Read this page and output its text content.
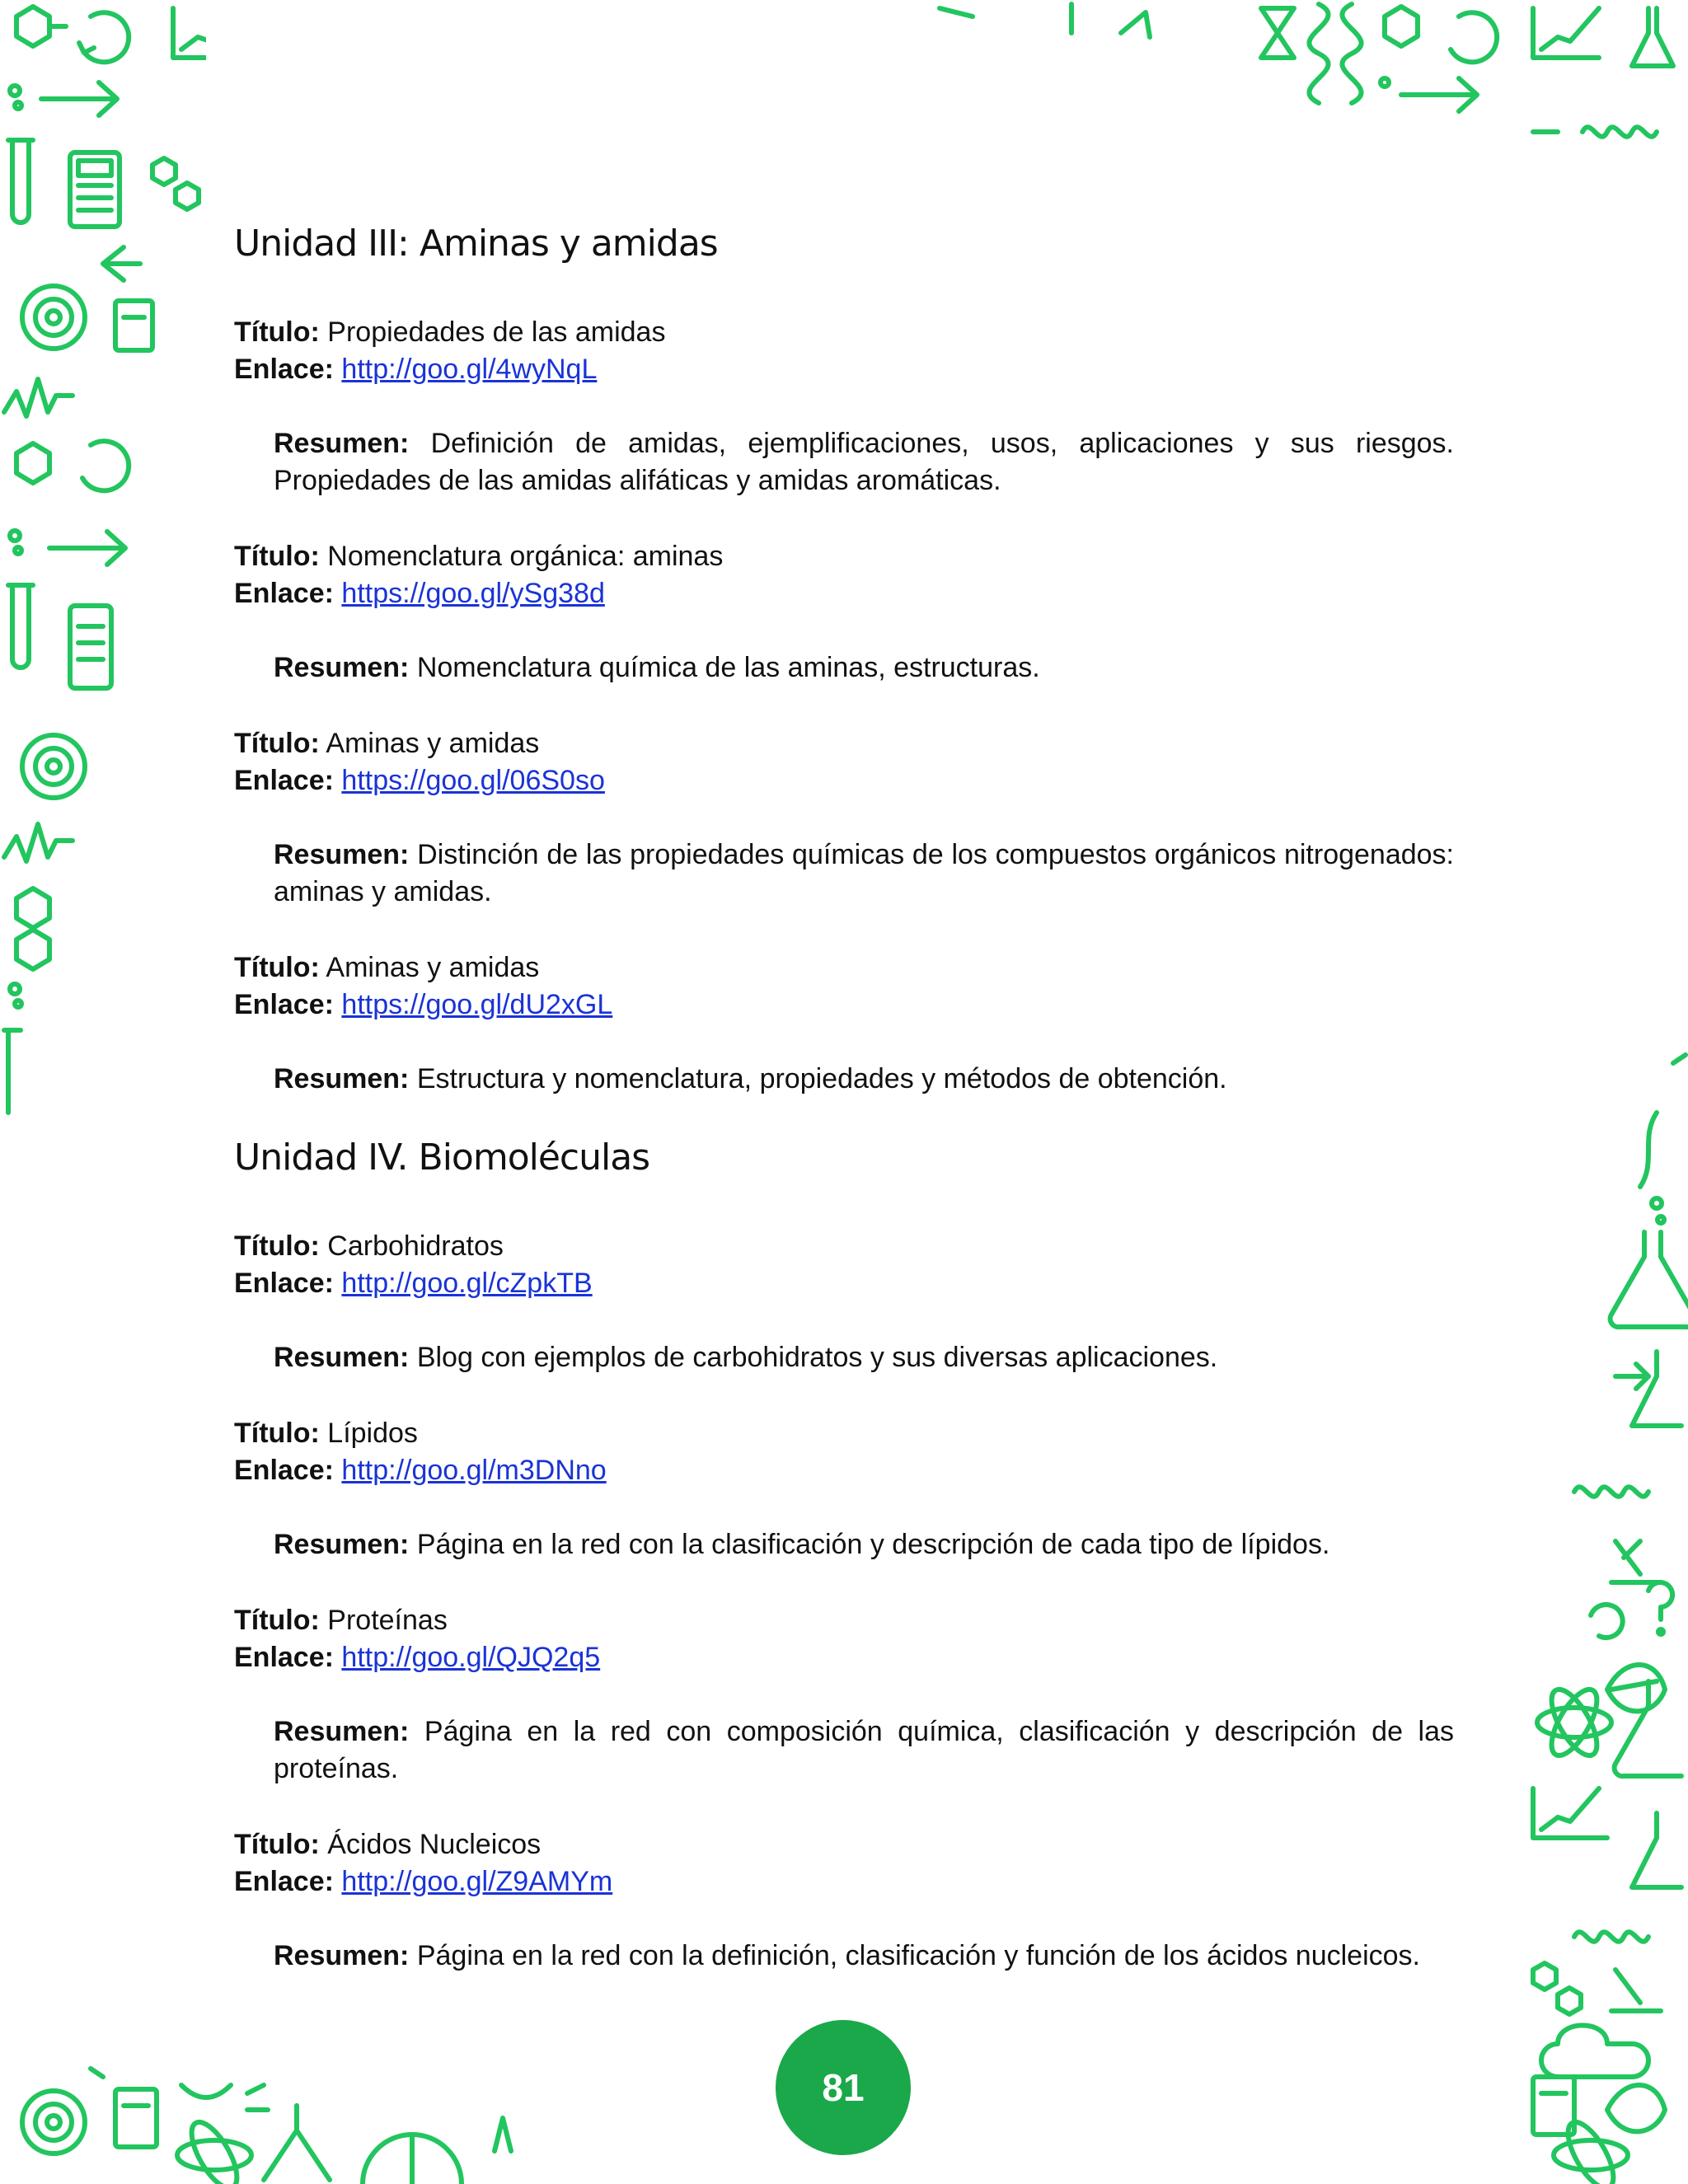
Unidad III: Aminas y amidas
Título: Propiedades de las amidas
Enlace: http://goo.gl/4wyNqL
Resumen: Definición de amidas, ejemplificaciones, usos, aplicaciones y sus riesgos. Propiedades de las amidas alifáticas y amidas aromáticas.
Título: Nomenclatura orgánica: aminas
Enlace: https://goo.gl/ySg38d
Resumen: Nomenclatura química de las aminas, estructuras.
Título: Aminas y amidas
Enlace: https://goo.gl/06S0so
Resumen: Distinción de las propiedades químicas de los compuestos orgánicos nitrogenados: aminas y amidas.
Título: Aminas y amidas
Enlace: https://goo.gl/dU2xGL
Resumen: Estructura y nomenclatura, propiedades y métodos de obtención.
Unidad IV. Biomoléculas
Título: Carbohidratos
Enlace: http://goo.gl/cZpkTB
Resumen: Blog con ejemplos de carbohidratos y sus diversas aplicaciones.
Título: Lípidos
Enlace: http://goo.gl/m3DNno
Resumen: Página en la red con la clasificación y descripción de cada tipo de lípidos.
Título: Proteínas
Enlace: http://goo.gl/QJQ2q5
Resumen: Página en la red con composición química, clasificación y descripción de las proteínas.
Título: Ácidos Nucleicos
Enlace: http://goo.gl/Z9AMYm
Resumen: Página en la red con la definición, clasificación y función de los ácidos nucleicos.
81
